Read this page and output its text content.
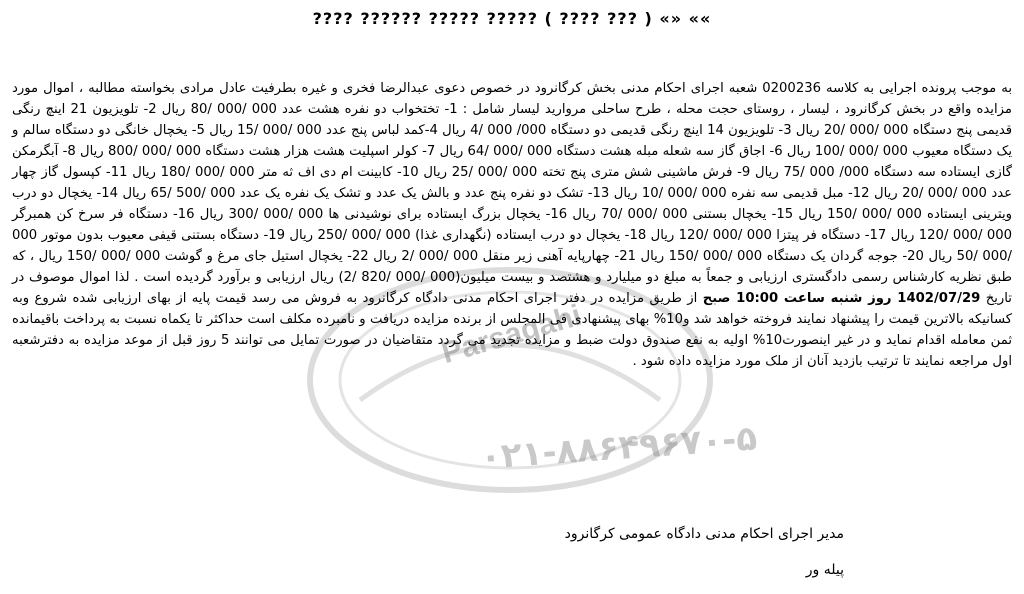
»» «» ( ??? ???? ) ????? ????? ?????? ????
Parsagahi
۰۲۱-۸۸۶۴۹۶۷۰-۵

به موجب پرونده اجرایی به کلاسه 0200236 شعبه اجرای احکام مدنی بخش کرگانرود در خصوص دعوی عبدالرضا فخری و غیره بطرفیت عادل مرادی بخواسته مطالبه ، اموال مورد مزایده واقع در بخش کرگانرود ، لیسار ، روستای حجت محله ، طرح ساحلی مروارید لیسار شامل : 1- تختخواب دو نفره هشت عدد 000 /000 /80 ریال 2- تلویزیون 21 اینچ رنگی قدیمی پنج دستگاه 000 /000 /20 ریال 3- تلویزیون 14 اینچ رنگی قدیمی دو دستگاه 000/ 000 /4 ریال 4-کمد لباس پنج عدد 000 /000 /15 ریال 5- یخچال خانگی دو دستگاه سالم و یک دستگاه معیوب 000 /000 /100 ریال 6- اجاق گاز سه شعله مبله هشت دستگاه 000 /000 /64 ریال 7- کولر اسپلیت هشت هزار هشت دستگاه 000 /000 /800 ریال 8- آبگرمکن گازی ایستاده سه دستگاه 000/ 000 /75 ریال 9- فرش ماشینی شش متری پنج تخته 000 /000 /25 ریال 10- کابینت ام دی اف ثه متر 000 /000 /180 ریال 11- کپسول گاز چهار عدد 000 /000 /20 ریال 12- مبل قدیمی سه نفره 000 /000 /10 ریال 13- تشک دو نفره پنج عدد و بالش یک عدد و تشک یک نفره یک عدد 000 /500 /65 ریال 14- یخچال دو درب ویترینی ایستاده 000 /000 /150 ریال 15- یخچال بستنی 000 /000 /70 ریال 16- یخچال بزرگ ایستاده برای نوشیدنی ها 000 /000 /300 ریال 16- دستگاه فر سرخ کن همبرگر 000 /000 /120 ریال 17- دستگاه فر پیتزا 000 /000 /120 ریال 18- یخچال دو درب ایستاده (نگهداری غذا) 000 /000 /250 ریال 19- دستگاه بستنی قیفی معیوب بدون موتور 000 /000 /50 ریال 20- جوجه گردان یک دستگاه 000 /000 /150 ریال 21- چهارپایه آهنی زیر منقل 000 /000 /2 ریال 22- یخچال استیل جای مرغ و گوشت 000 /000 /150 ریال ، که طبق نظریه کارشناس رسمی دادگستری ارزیابی و جمعاً به مبلغ دو میلیارد و هشتصد و بیست میلیون(000 /000 /820 /2) ریال ارزیابی و برآورد گردیده است . لذا اموال موصوف در تاریخ 1402/07/29 روز شنبه ساعت 10:00 صبح از طریق مزایده در دفتر اجرای احکام مدنی دادگاه کرگانرود به فروش می رسد قیمت پایه از بهای ارزیابی شده شروع وبه کسانیکه بالاترین قیمت را پیشنهاد نمایند فروخته خواهد شد و10% بهای پیشنهادی فی المجلس از برنده مزایده دریافت و نامبرده مکلف است حداکثر تا یکماه نسبت به پرداخت باقیمانده ثمن معامله اقدام نماید و در غیر اینصورت10% اولیه به نفع صندوق دولت ضبط و مزایده تجدید می گردد متقاضیان در صورت تمایل می توانند 5 روز قبل از موعد مزایده به دفترشعبه اول مراجعه نمایند تا ترتیب بازدید آنان از ملک مورد مزایده داده شود .

مدیر اجرای احکام مدنی دادگاه عمومی کرگانرود
پیله ور
